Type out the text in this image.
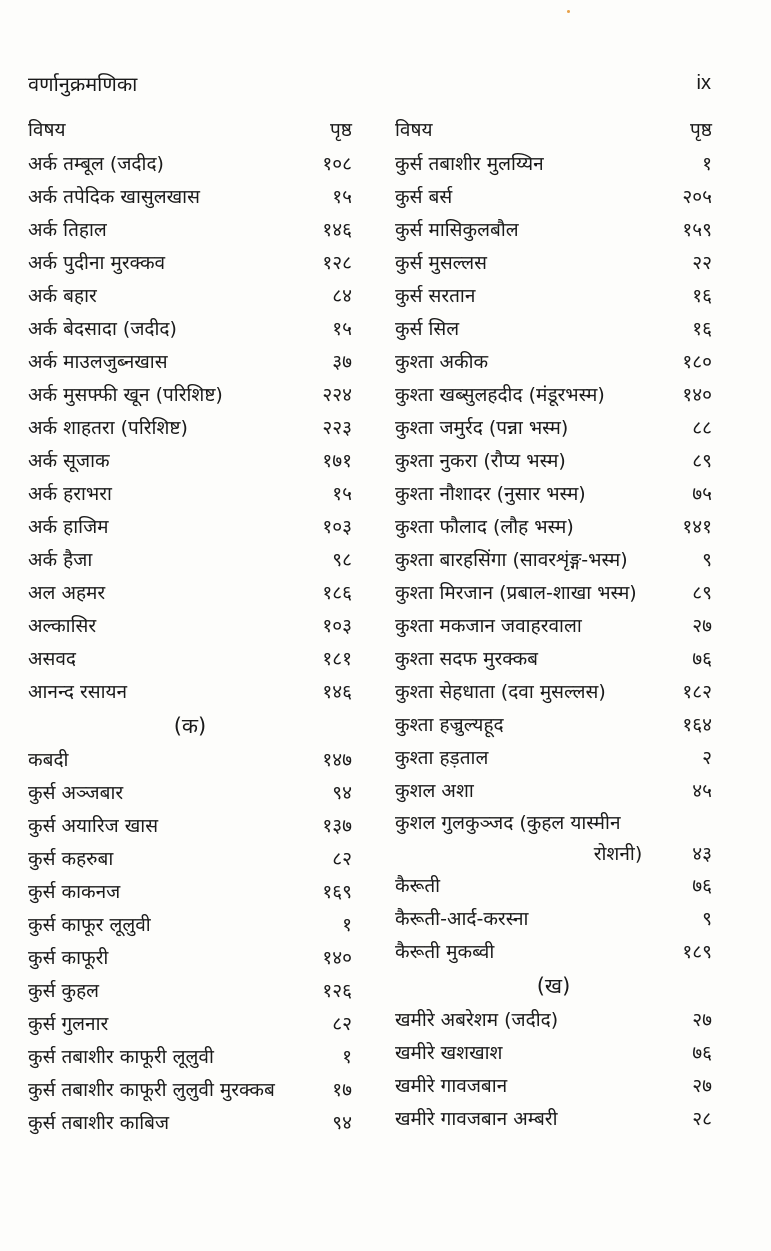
वर्णानुक्रमणिका	ix
विषय	पृष्ठ
अर्क तम्बूल (जदीद)	१०८
अर्क तपेदिक खासुलखास	१५
अर्क तिहाल	१४६
अर्क पुदीना मुरक्कव	१२८
अर्क बहार	८४
अर्क बेदसादा (जदीद)	१५
अर्क माउलजुब्नखास	३७
अर्क मुसफ्फी खून (परिशिष्ट)	२२४
अर्क शाहतरा (परिशिष्ट)	२२३
अर्क सूजाक	१७१
अर्क हराभरा	१५
अर्क हाजिम	१०३
अर्क हैजा	९८
अल अहमर	१८६
अल्कासिर	१०३
असवद	१८१
आनन्द रसायन	१४६
(क)
कबदी	१४७
कुर्स अञ्जबार	९४
कुर्स अयारिज खास	१३७
कुर्स कहरुबा	८२
कुर्स काकनज	१६९
कुर्स काफूर लूलुवी	१
कुर्स काफूरी	१४०
कुर्स कुहल	१२६
कुर्स गुलनार	८२
कुर्स तबाशीर काफूरी लूलुवी	१
कुर्स तबाशीर काफूरी लुलुवी मुरक्कब	१७
कुर्स तबाशीर काबिज	९४
विषय	पृष्ठ
कुर्स तबाशीर मुलय्यिन	१
कुर्स बर्स	२०५
कुर्स मासिकुलबौल	१५९
कुर्स मुसल्लस	२२
कुर्स सरतान	१६
कुर्स सिल	१६
कुश्ता अकीक	१८०
कुश्ता खब्सुलहदीद (मंडूरभस्म)	१४०
कुश्ता जमुर्रद (पन्ना भस्म)	८८
कुश्ता नुकरा (रौप्य भस्म)	८९
कुश्ता नौशादर (नुसार भस्म)	७५
कुश्ता फौलाद (लौह भस्म)	१४१
कुश्ता बारहसिंगा (सावरशृंङ्ग-भस्म)	९
कुश्ता मिरजान (प्रबाल-शाखा भस्म)	८९
कुश्ता मकजान जवाहरवाला	२७
कुश्ता सदफ मुरक्कब	७६
कुश्ता सेहधाता (दवा मुसल्लस)	१८२
कुश्ता हज्रुल्यहूद	१६४
कुश्ता हड़ताल	२
कुशल अशा	४५
कुशल गुलकुञ्जद (कुहल यास्मीन
रोशनी)	४३
कैरूती	७६
कैरूती-आर्द-करस्ना	९
कैरूती मुकब्वी	१८९
(ख)
खमीरे अबरेशम (जदीद)	२७
खमीरे खशखाश	७६
खमीरे गावजबान	२७
खमीरे गावजबान अम्बरी	२८
